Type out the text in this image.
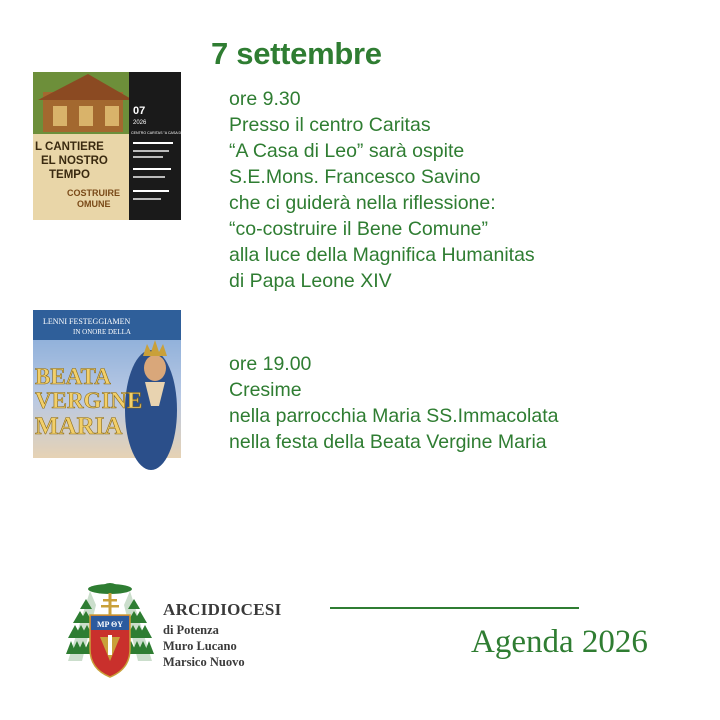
7 settembre
07
2026
CENTRO CARITAS "A CASA DI LEO"
L CANTIERE
EL NOSTRO
TEMPO
COSTRUIRE
OMUNE
ore 9.30
Presso il centro Caritas
“A Casa di Leo” sarà ospite
S.E.Mons. Francesco Savino
che ci guiderà nella riflessione:
“co-costruire il Bene Comune”
alla luce della Magnifica Humanitas
di Papa Leone XIV
LENNI FESTEGGIAMEN
IN ONORE DELLA
BEATA
VERGINE
MARIA
ore 19.00
Cresime
nella parrocchia Maria SS.Immacolata
nella festa della Beata Vergine Maria
MP ΘY
ARCIDIOCESI
di Potenza
Muro Lucano
Marsico Nuovo
Agenda 2026
